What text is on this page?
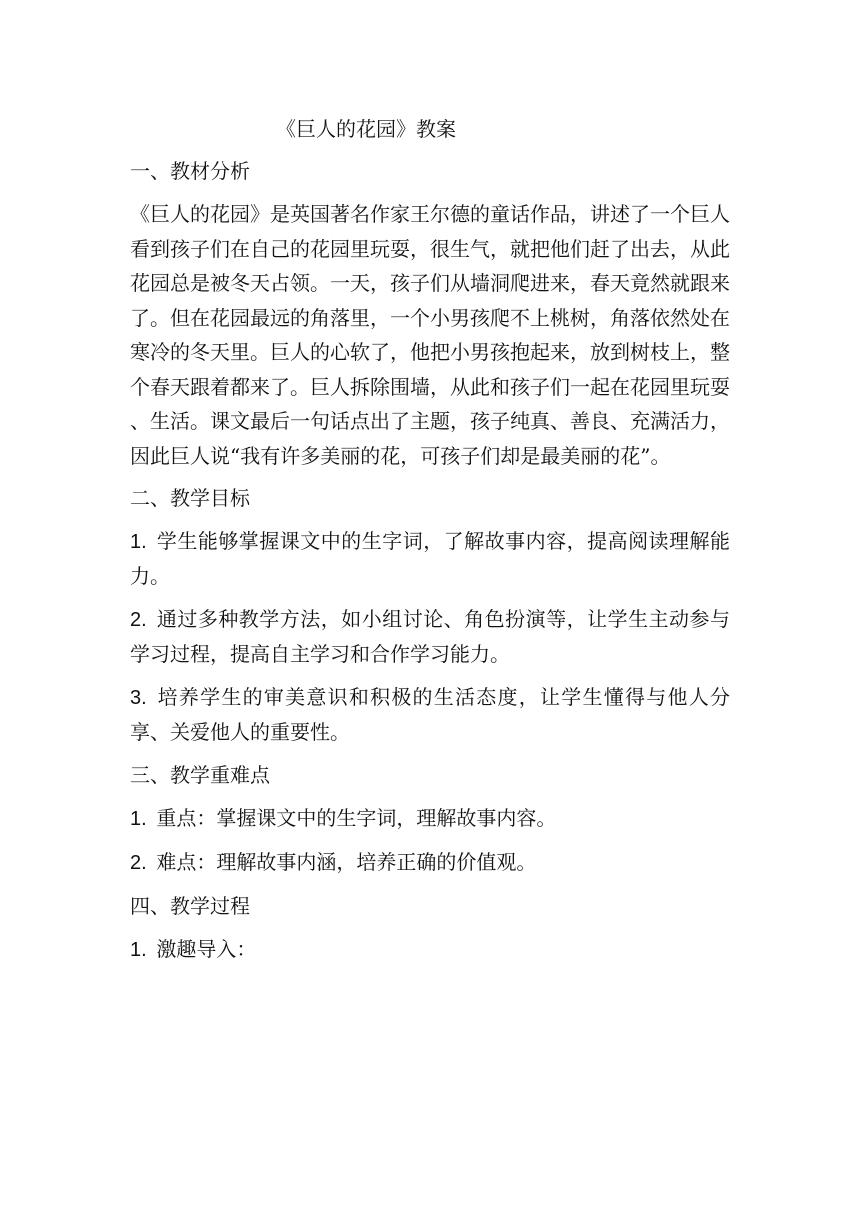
《巨人的花园》教案
一、教材分析
《巨人的花园》是英国著名作家王尔德的童话作品，讲述了一个巨人看到孩子们在自己的花园里玩耍，很生气，就把他们赶了出去，从此花园总是被冬天占领。一天，孩子们从墙洞爬进来，春天竟然就跟来了。但在花园最远的角落里，一个小男孩爬不上桃树，角落依然处在寒冷的冬天里。巨人的心软了，他把小男孩抱起来，放到树枝上，整个春天跟着都来了。巨人拆除围墙，从此和孩子们一起在花园里玩耍、生活。课文最后一句话点出了主题，孩子纯真、善良、充满活力，因此巨人说“我有许多美丽的花，可孩子们却是最美丽的花”。
二、教学目标
1. 学生能够掌握课文中的生字词，了解故事内容，提高阅读理解能力。
2. 通过多种教学方法，如小组讨论、角色扮演等，让学生主动参与学习过程，提高自主学习和合作学习能力。
3. 培养学生的审美意识和积极的生活态度，让学生懂得与他人分享、关爱他人的重要性。
三、教学重难点
1. 重点：掌握课文中的生字词，理解故事内容。
2. 难点：理解故事内涵，培养正确的价值观。
四、教学过程
1. 激趣导入：
